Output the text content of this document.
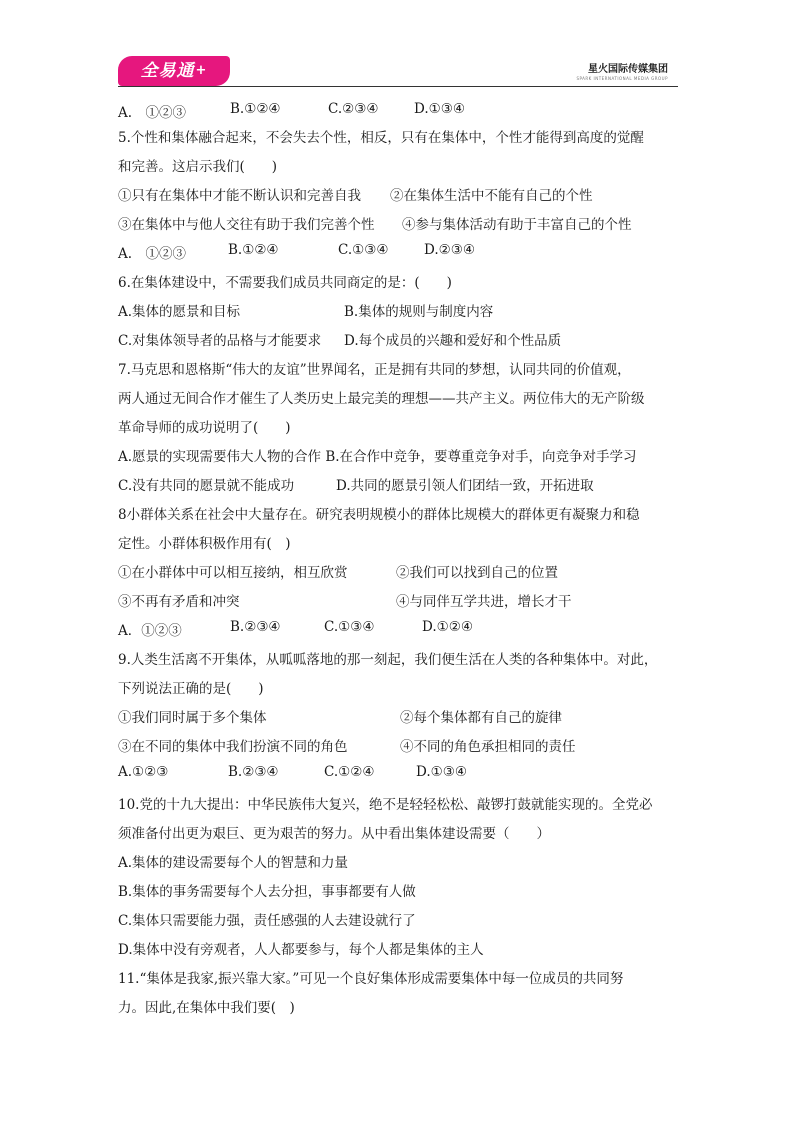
全易通+	星火国际传媒集团
SPARK INTERNATIONAL MEDIA GROUP
A.　①②③	B.①②④	C.②③④	D.①③④
5.个性和集体融合起来，不会失去个性，相反，只有在集体中，个性才能得到高度的觉醒
和完善。这启示我们(　　)
①只有在集体中才能不断认识和完善自我 ②在集体生活中不能有自己的个性
③在集体中与他人交往有助于我们完善个性 ④参与集体活动有助于丰富自己的个性
A.　①②③	B.①②④	C.①③④	D.②③④
6.在集体建设中，不需要我们成员共同商定的是：(　　)
A.集体的愿景和目标	B.集体的规则与制度内容
C.对集体领导者的品格与才能要求 D.每个成员的兴趣和爱好和个性品质
7.马克思和恩格斯“伟大的友谊”世界闻名，正是拥有共同的梦想，认同共同的价值观，
两人通过无间合作才催生了人类历史上最完美的理想——共产主义。两位伟大的无产阶级
革命导师的成功说明了(　　)
A.愿景的实现需要伟大人物的合作 B.在合作中竞争，要尊重竞争对手，向竞争对手学习
C.没有共同的愿景就不能成功	D.共同的愿景引领人们团结一致，开拓进取
8小群体关系在社会中大量存在。研究表明规模小的群体比规模大的群体更有凝聚力和稳
定性。小群体积极作用有(　)
①在小群体中可以相互接纳，相互欣赏	②我们可以找到自己的位置
③不再有矛盾和冲突	④与同伴互学共进，增长才干
A．①②③	B.②③④	C.①③④	D.①②④
9.人类生活离不开集体，从呱呱落地的那一刻起，我们便生活在人类的各种集体中。对此，
下列说法正确的是(　　)
①我们同时属于多个集体	②每个集体都有自己的旋律
③在不同的集体中我们扮演不同的角色	④不同的角色承担相同的责任
A.①②③	B.②③④	C.①②④	D.①③④
10.党的十九大提出：中华民族伟大复兴，绝不是轻轻松松、敲锣打鼓就能实现的。全党必
须准备付出更为艰巨、更为艰苦的努力。从中看出集体建设需要（　　）
A.集体的建设需要每个人的智慧和力量
B.集体的事务需要每个人去分担，事事都要有人做
C.集体只需要能力强，责任感强的人去建设就行了
D.集体中没有旁观者，人人都要参与，每个人都是集体的主人
11.“集体是我家,振兴靠大家。”可见一个良好集体形成需要集体中每一位成员的共同努
力。因此,在集体中我们要(　)
